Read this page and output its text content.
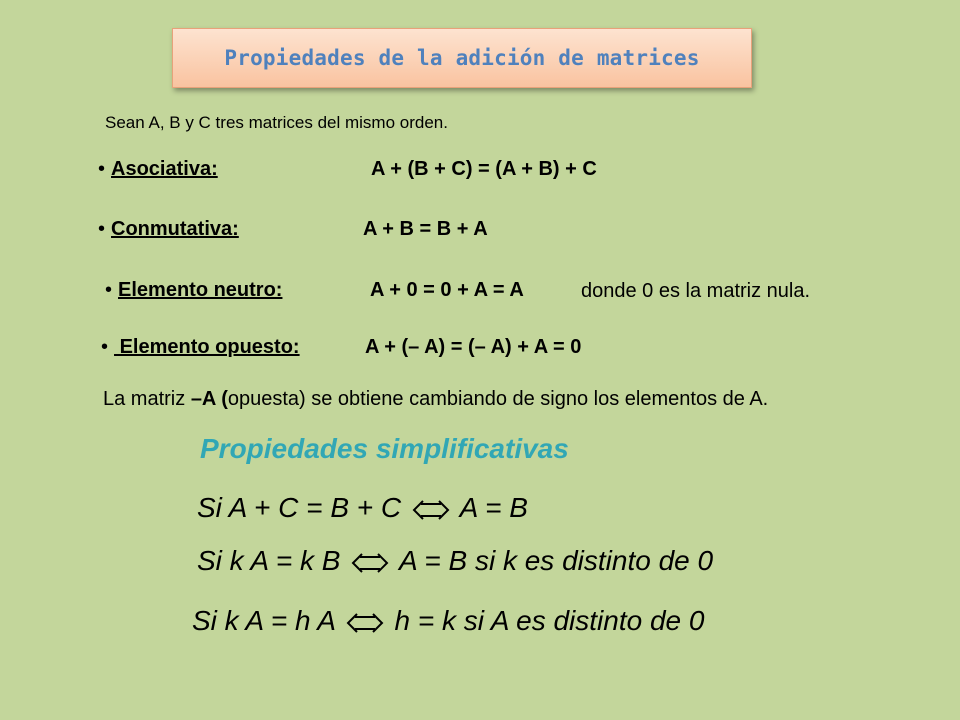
Propiedades de la adición de matrices
Sean A, B y C tres matrices del mismo orden.
• Asociativa:	A + (B + C) = (A + B) + C
• Conmutativa:	A + B = B + A
• Elemento neutro:	A + 0 = 0 + A = A	donde 0 es la matriz nula.
• Elemento opuesto:	A + (– A) = (– A) + A = 0
La matriz –A (opuesta) se obtiene cambiando de signo los elementos de A.
Propiedades simplificativas
Si A + C = B + C A = B
Si k A = k B A = B si k es distinto de 0
Si k A = h A h = k si A es distinto de 0
